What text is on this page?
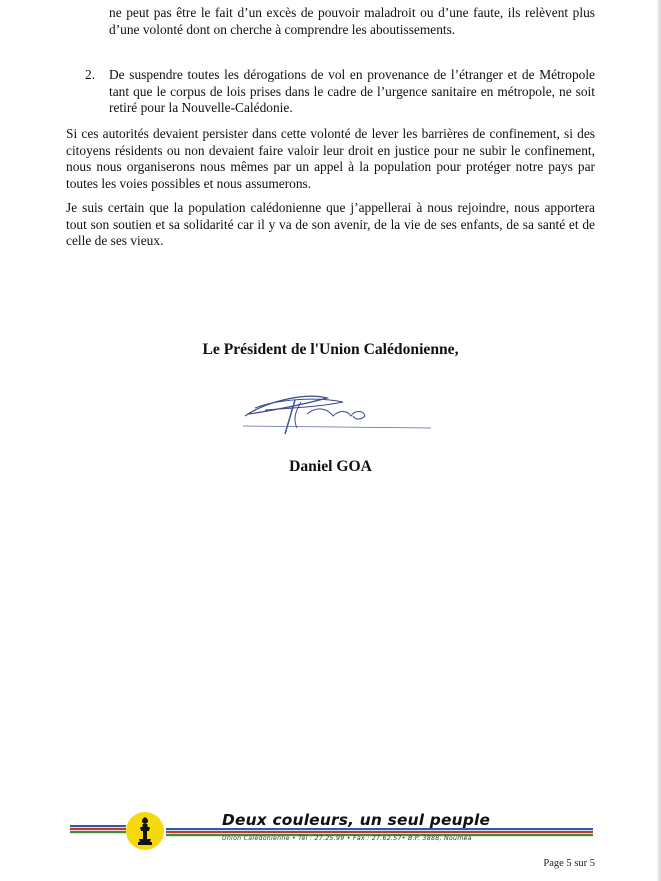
ne peut pas être le fait d’un excès de pouvoir maladroit ou d’une faute, ils relèvent plus d’une volonté dont on cherche à comprendre les aboutissements.

2. De suspendre toutes les dérogations de vol en provenance de l’étranger et de Métropole tant que le corpus de lois prises dans le cadre de l’urgence sanitaire en métropole, ne soit retiré pour la Nouvelle-Calédonie.

Si ces autorités devaient persister dans cette volonté de lever les barrières de confinement, si des citoyens résidents ou non devaient faire valoir leur droit en justice pour ne subir le confinement, nous nous organiserons nous mêmes par un appel à la population pour protéger notre pays par toutes les voies possibles et nous assumerons.

Je suis certain que la population calédonienne que j’appellerai à nous rejoindre, nous apportera tout son soutien et sa solidarité car il y va de son avenir, de la vie de ses enfants, de sa santé et de celle de ses vieux.

Le Président de l'Union Calédonienne,
Daniel GOA
Deux couleurs, un seul peuple
Union Calédonienne • Tél : 27.25.99 • Fax : 27.62.57• B.P. 3888, Nouméa
Page 5 sur 5
